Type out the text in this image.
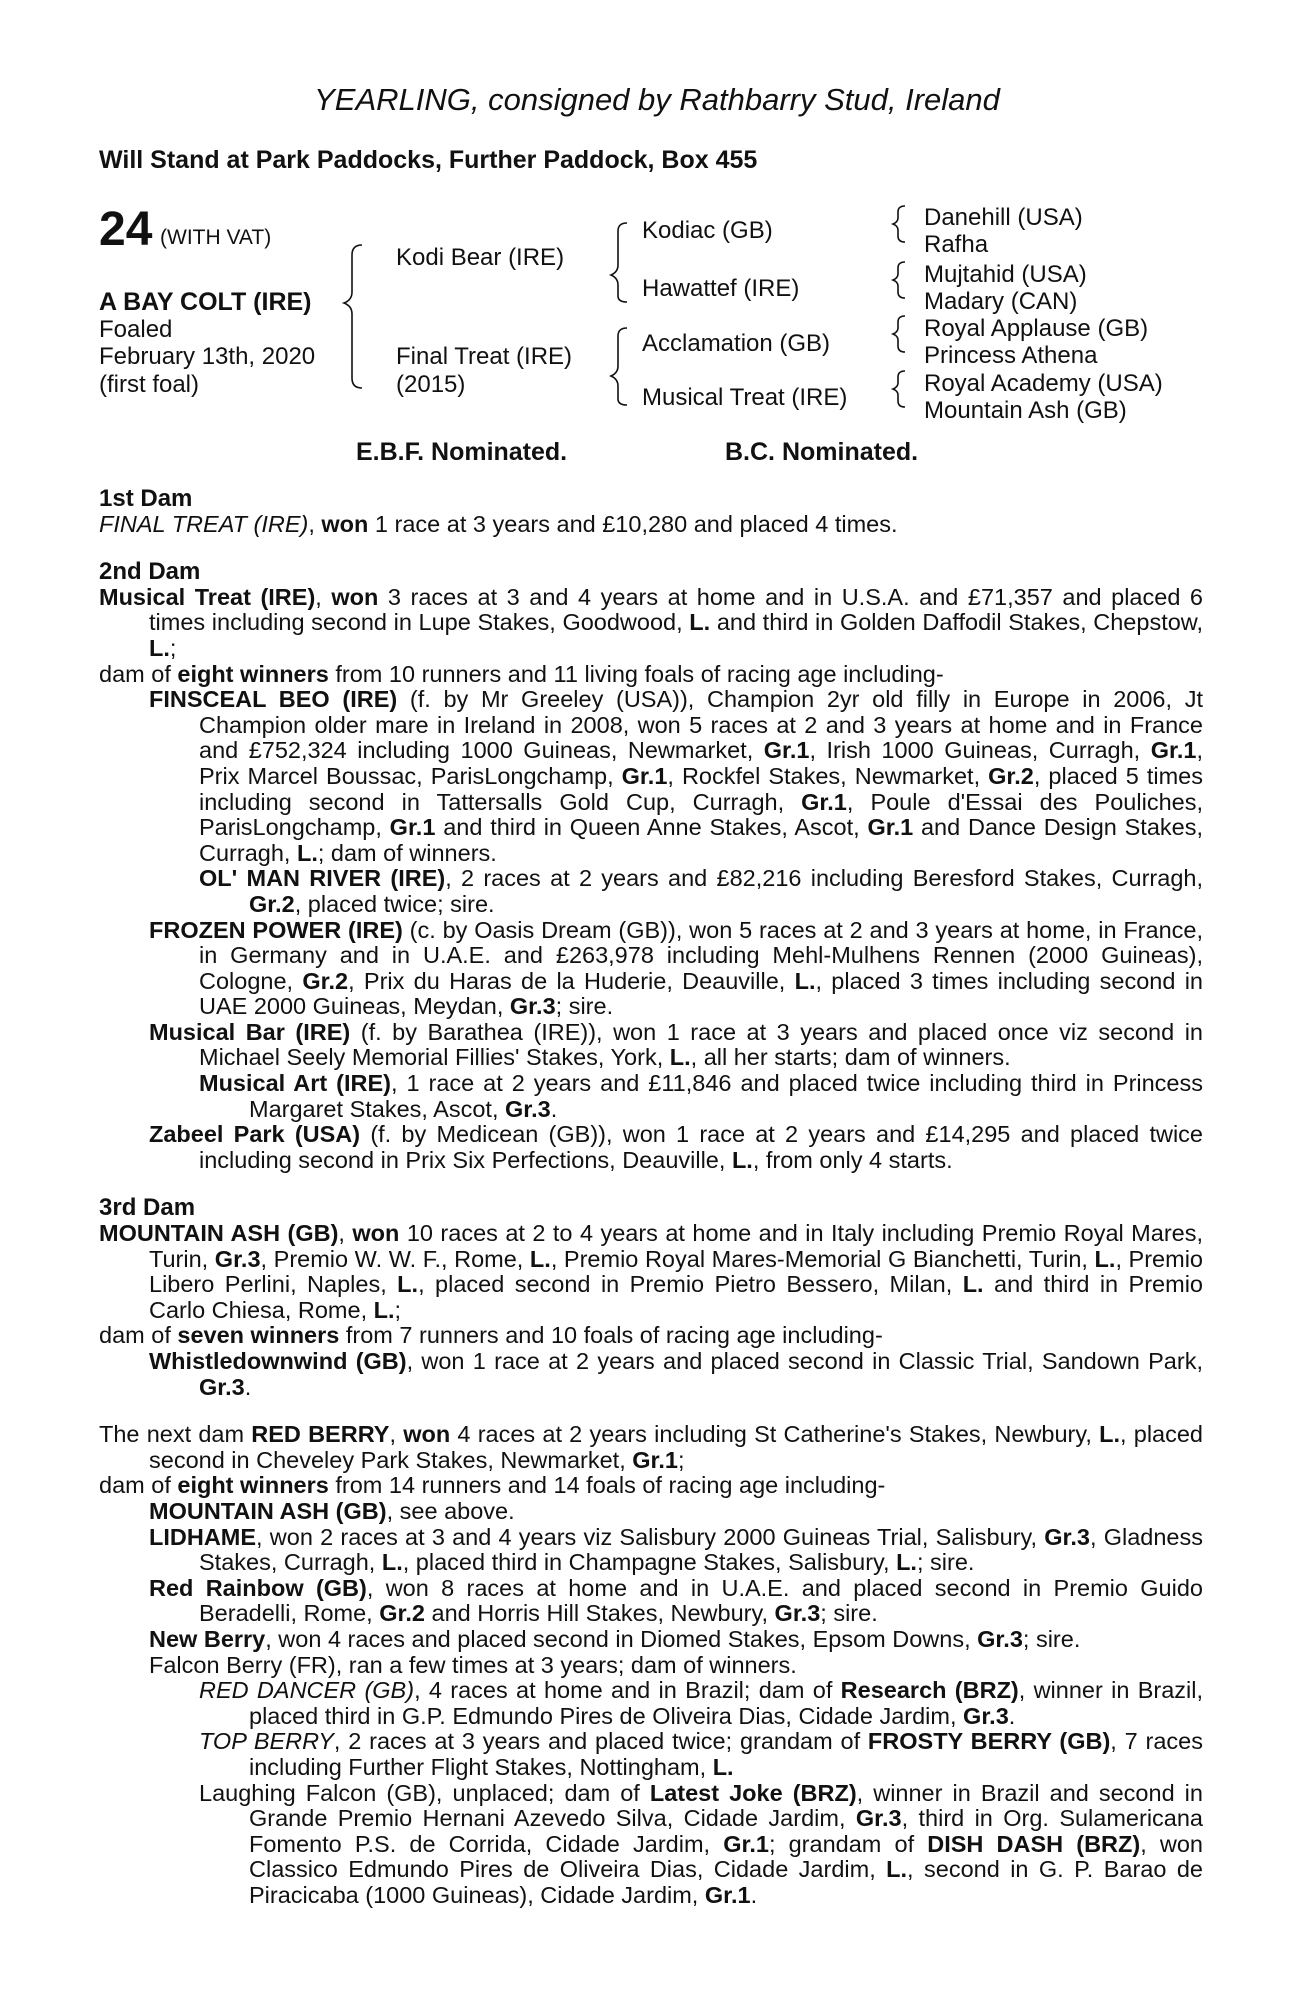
YEARLING, consigned by Rathbarry Stud, Ireland
Will Stand at Park Paddocks, Further Paddock, Box 455
24 (WITH VAT)
A BAY COLT (IRE)
Foaled
February 13th, 2020
(first foal)
Kodi Bear (IRE)
Final Treat (IRE)
(2015)
Kodiac (GB)
Hawattef (IRE)
Acclamation (GB)
Musical Treat (IRE)
Danehill (USA)
Rafha
Mujtahid (USA)
Madary (CAN)
Royal Applause (GB)
Princess Athena
Royal Academy (USA)
Mountain Ash (GB)
E.B.F. Nominated.	B.C. Nominated.

1st Dam

FINAL TREAT (IRE), won 1 race at 3 years and £10,280 and placed 4 times.

2nd Dam

Musical Treat (IRE), won 3 races at 3 and 4 years at home and in U.S.A. and £71,357 and placed 6 times including second in Lupe Stakes, Goodwood, L. and third in Golden Daffodil Stakes, Chepstow, L.;

dam of eight winners from 10 runners and 11 living foals of racing age including-

FINSCEAL BEO (IRE) (f. by Mr Greeley (USA)), Champion 2yr old filly in Europe in 2006, Jt Champion older mare in Ireland in 2008, won 5 races at 2 and 3 years at home and in France and £752,324 including 1000 Guineas, Newmarket, Gr.1, Irish 1000 Guineas, Curragh, Gr.1, Prix Marcel Boussac, ParisLongchamp, Gr.1, Rockfel Stakes, Newmarket, Gr.2, placed 5 times including second in Tattersalls Gold Cup, Curragh, Gr.1, Poule d'Essai des Pouliches, ParisLongchamp, Gr.1 and third in Queen Anne Stakes, Ascot, Gr.1 and Dance Design Stakes, Curragh, L.; dam of winners.

OL' MAN RIVER (IRE), 2 races at 2 years and £82,216 including Beresford Stakes, Curragh, Gr.2, placed twice; sire.

FROZEN POWER (IRE) (c. by Oasis Dream (GB)), won 5 races at 2 and 3 years at home, in France, in Germany and in U.A.E. and £263,978 including Mehl-Mulhens Rennen (2000 Guineas), Cologne, Gr.2, Prix du Haras de la Huderie, Deauville, L., placed 3 times including second in UAE 2000 Guineas, Meydan, Gr.3; sire.

Musical Bar (IRE) (f. by Barathea (IRE)), won 1 race at 3 years and placed once viz second in Michael Seely Memorial Fillies' Stakes, York, L., all her starts; dam of winners.

Musical Art (IRE), 1 race at 2 years and £11,846 and placed twice including third in Princess Margaret Stakes, Ascot, Gr.3.

Zabeel Park (USA) (f. by Medicean (GB)), won 1 race at 2 years and £14,295 and placed twice including second in Prix Six Perfections, Deauville, L., from only 4 starts.

3rd Dam

MOUNTAIN ASH (GB), won 10 races at 2 to 4 years at home and in Italy including Premio Royal Mares, Turin, Gr.3, Premio W. W. F., Rome, L., Premio Royal Mares-Memorial G Bianchetti, Turin, L., Premio Libero Perlini, Naples, L., placed second in Premio Pietro Bessero, Milan, L. and third in Premio Carlo Chiesa, Rome, L.;

dam of seven winners from 7 runners and 10 foals of racing age including-

Whistledownwind (GB), won 1 race at 2 years and placed second in Classic Trial, Sandown Park, Gr.3.

The next dam RED BERRY, won 4 races at 2 years including St Catherine's Stakes, Newbury, L., placed second in Cheveley Park Stakes, Newmarket, Gr.1;

dam of eight winners from 14 runners and 14 foals of racing age including-

MOUNTAIN ASH (GB), see above.

LIDHAME, won 2 races at 3 and 4 years viz Salisbury 2000 Guineas Trial, Salisbury, Gr.3, Gladness Stakes, Curragh, L., placed third in Champagne Stakes, Salisbury, L.; sire.

Red Rainbow (GB), won 8 races at home and in U.A.E. and placed second in Premio Guido Beradelli, Rome, Gr.2 and Horris Hill Stakes, Newbury, Gr.3; sire.

New Berry, won 4 races and placed second in Diomed Stakes, Epsom Downs, Gr.3; sire.

Falcon Berry (FR), ran a few times at 3 years; dam of winners.

RED DANCER (GB), 4 races at home and in Brazil; dam of Research (BRZ), winner in Brazil, placed third in G.P. Edmundo Pires de Oliveira Dias, Cidade Jardim, Gr.3.

TOP BERRY, 2 races at 3 years and placed twice; grandam of FROSTY BERRY (GB), 7 races including Further Flight Stakes, Nottingham, L.

Laughing Falcon (GB), unplaced; dam of Latest Joke (BRZ), winner in Brazil and second in Grande Premio Hernani Azevedo Silva, Cidade Jardim, Gr.3, third in Org. Sulamericana Fomento P.S. de Corrida, Cidade Jardim, Gr.1; grandam of DISH DASH (BRZ), won Classico Edmundo Pires de Oliveira Dias, Cidade Jardim, L., second in G. P. Barao de Piracicaba (1000 Guineas), Cidade Jardim, Gr.1.
